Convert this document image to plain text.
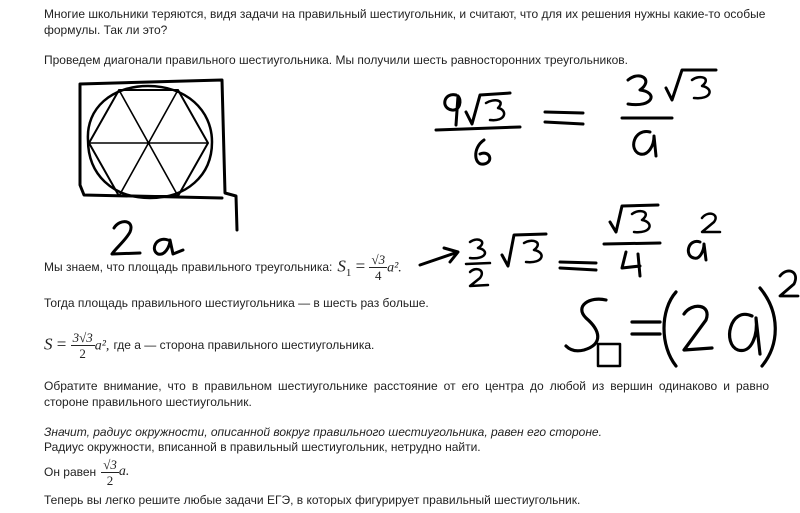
Многие школьники теряются, видя задачи на правильный шестиугольник, и считают, что для их решения нужны какие-то особые
формулы. Так ли это?
Проведем диагонали правильного шестиугольника. Мы получили шесть равносторонних треугольников.
Мы знаем, что площадь правильного треугольника: $S_1 = \frac{√3}{4} a^2$.
Тогда площадь правильного шестиугольника — в шесть раз больше.
$S = \frac{3√3}{2} a^2$, где a — сторона правильного шестиугольника.
Обратите внимание, что в правильном шестиугольнике расстояние от его центра до любой из вершин одинаково и равно
стороне правильного шестиугольник.
Значит, радиус окружности, описанной вокруг правильного шестиугольника, равен его стороне.
Радиус окружности, вписанной в правильный шестиугольник, нетрудно найти.
Он равен $\frac{√3}{2} a$.
Теперь вы легко решите любые задачи ЕГЭ, в которых фигурирует правильный шестиугольник.
